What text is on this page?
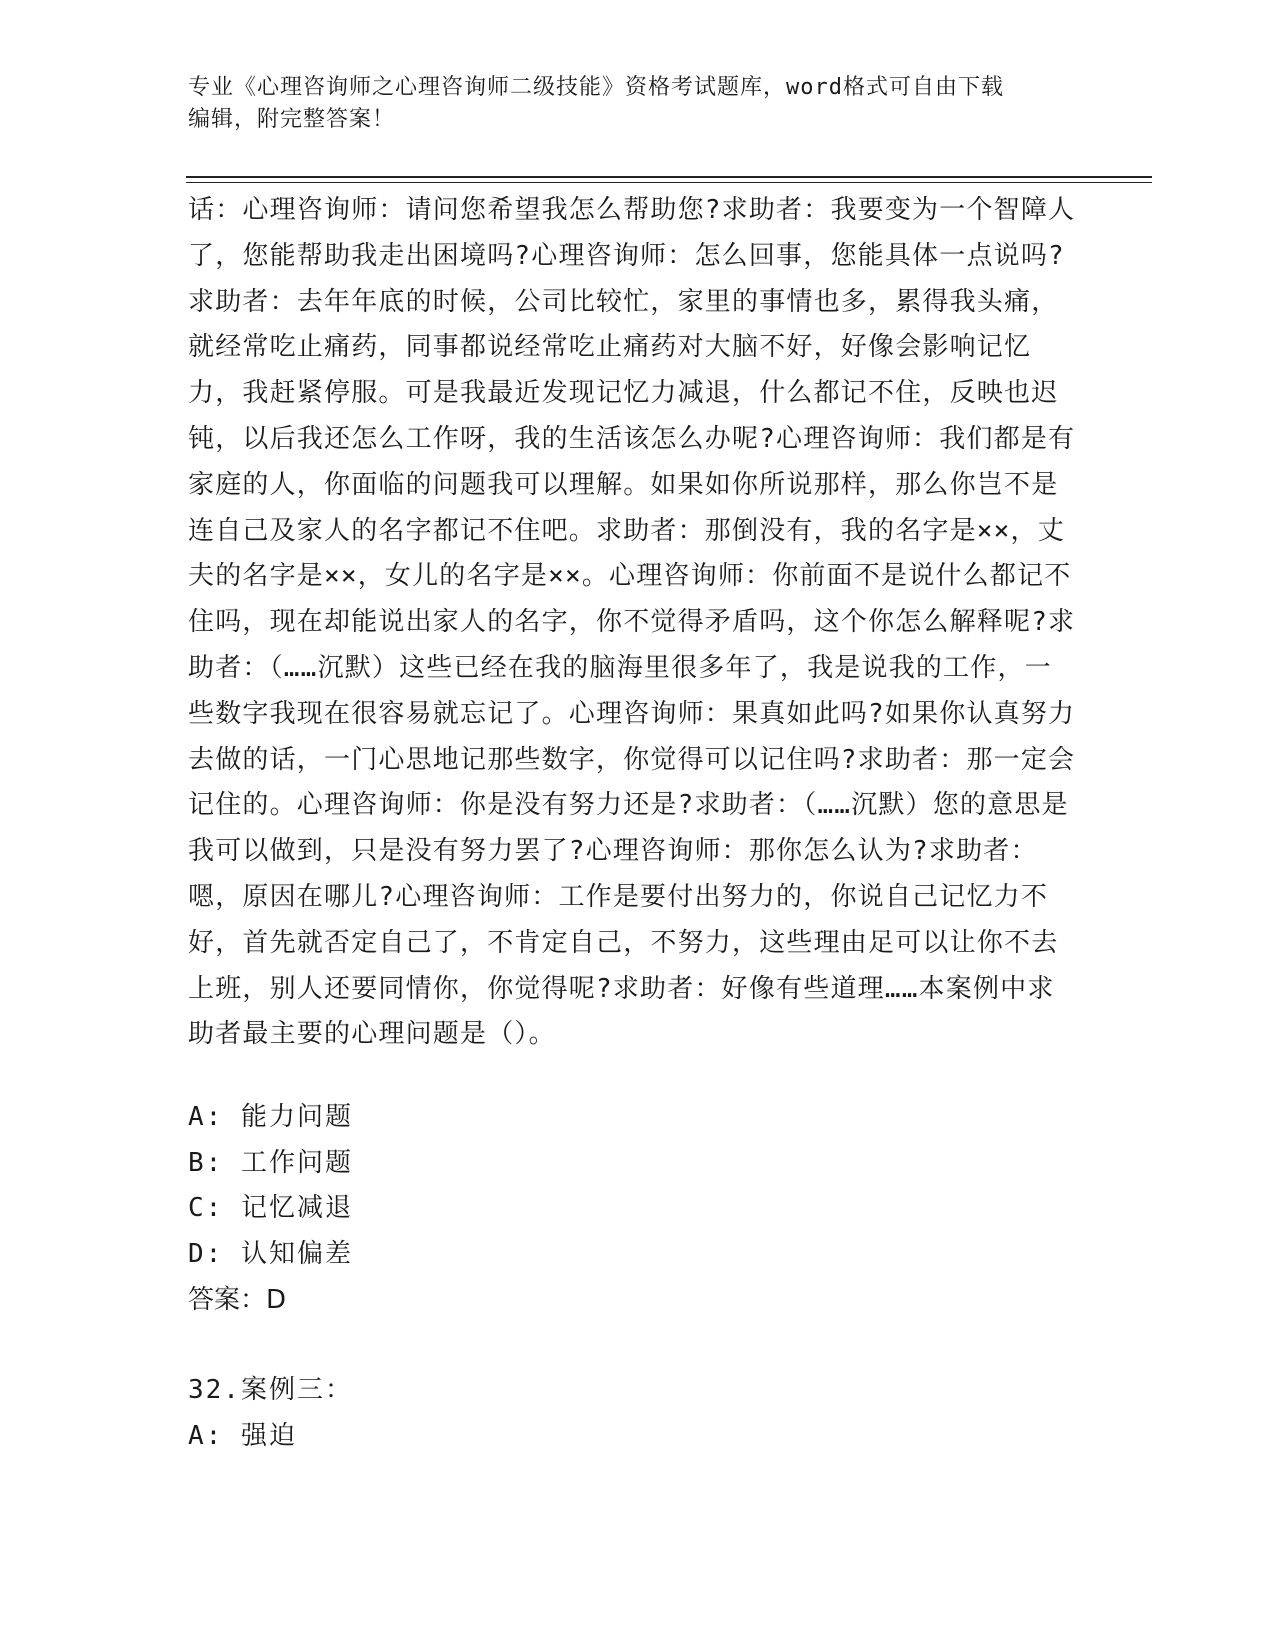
专业《心理咨询师之心理咨询师二级技能》资格考试题库，word格式可自由下载
编辑，附完整答案！
话：心理咨询师：请问您希望我怎么帮助您?求助者：我要变为一个智障人了，您能帮助我走出困境吗?心理咨询师：怎么回事，您能具体一点说吗?求助者：去年年底的时候，公司比较忙，家里的事情也多，累得我头痛，就经常吃止痛药，同事都说经常吃止痛药对大脑不好，好像会影响记忆力，我赶紧停服。可是我最近发现记忆力减退，什么都记不住，反映也迟钝，以后我还怎么工作呀，我的生活该怎么办呢?心理咨询师：我们都是有家庭的人，你面临的问题我可以理解。如果如你所说那样，那么你岂不是连自己及家人的名字都记不住吧。求助者：那倒没有，我的名字是××，丈夫的名字是××，女儿的名字是××。心理咨询师：你前面不是说什么都记不住吗，现在却能说出家人的名字，你不觉得矛盾吗，这个你怎么解释呢?求助者：（……沉默）这些已经在我的脑海里很多年了，我是说我的工作，一些数字我现在很容易就忘记了。心理咨询师：果真如此吗?如果你认真努力去做的话，一门心思地记那些数字，你觉得可以记住吗?求助者：那一定会记住的。心理咨询师：你是没有努力还是?求助者：（……沉默）您的意思是我可以做到，只是没有努力罢了?心理咨询师：那你怎么认为?求助者：嗯，原因在哪儿?心理咨询师：工作是要付出努力的，你说自己记忆力不好，首先就否定自己了，不肯定自己，不努力，这些理由足可以让你不去上班，别人还要同情你，你觉得呢?求助者：好像有些道理……本案例中求助者最主要的心理问题是（）。
A: 能力问题
B: 工作问题
C: 记忆减退
D: 认知偏差
答案：D
32.案例三：
A: 强迫
